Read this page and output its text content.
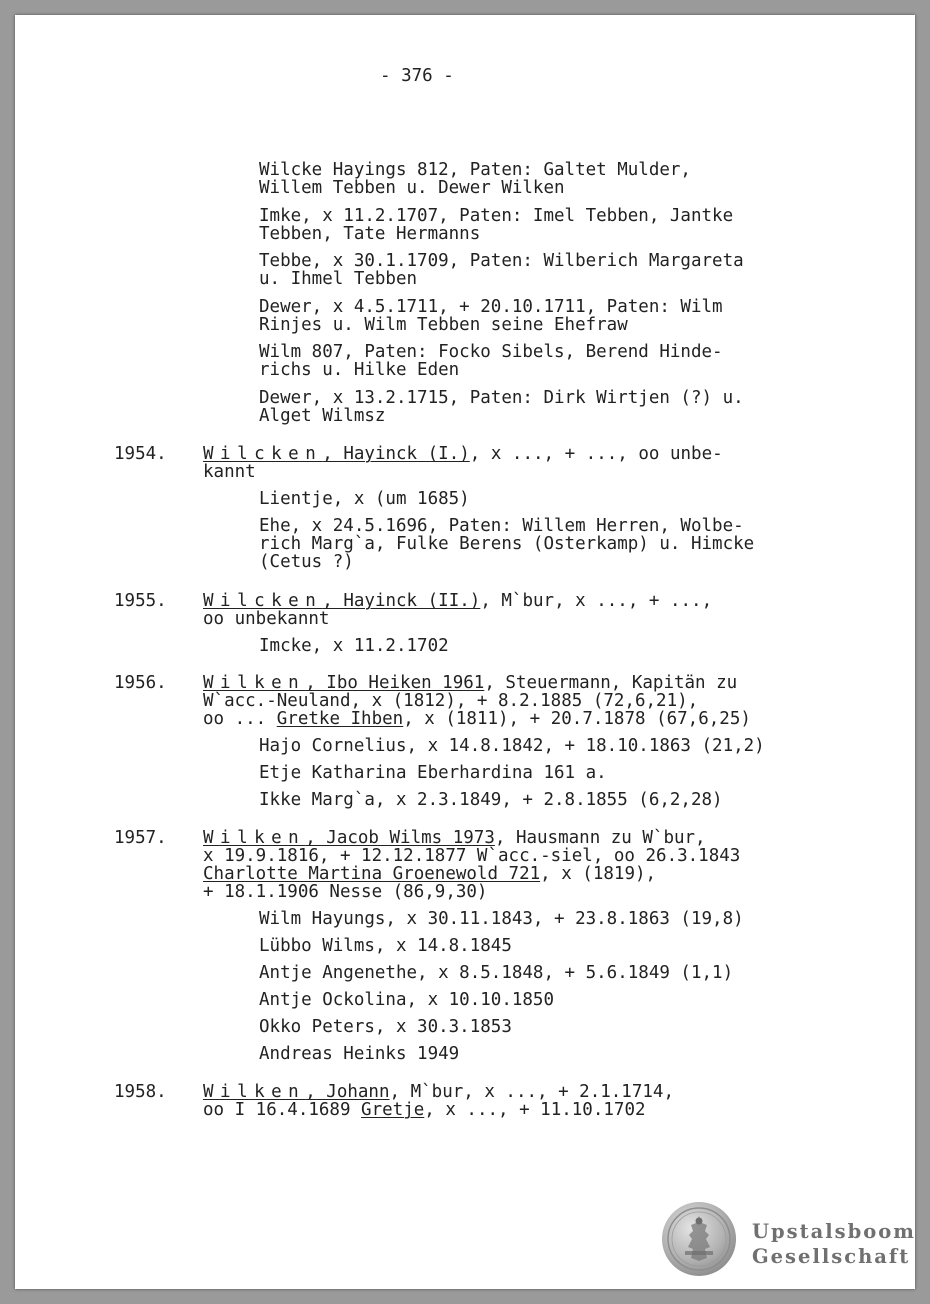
- 376 -
Wilcke Hayings 812, Paten: Galtet Mulder,
Willem Tebben u. Dewer Wilken
Imke, x 11.2.1707, Paten: Imel Tebben, Jantke
Tebben, Tate Hermanns
Tebbe, x 30.1.1709, Paten: Wilberich Margareta
u. Ihmel Tebben
Dewer, x 4.5.1711, + 20.10.1711, Paten: Wilm
Rinjes u. Wilm Tebben seine Ehefraw
Wilm 807, Paten: Focko Sibels, Berend Hinde-
richs u. Hilke Eden
Dewer, x 13.2.1715, Paten: Dirk Wirtjen (?) u.
Alget Wilmsz
1954. Wilcken, Hayinck (I.), x ..., + ..., oo unbe-
kannt
Lientje, x (um 1685)
Ehe, x 24.5.1696, Paten: Willem Herren, Wolbe-
rich Marg`a, Fulke Berens (Osterkamp) u. Himcke
(Cetus ?)
1955. Wilcken, Hayinck (II.), M`bur, x ..., + ...,
oo unbekannt
Imcke, x 11.2.1702
1956. Wilken, Ibo Heiken 1961, Steuermann, Kapitän zu
W`acc.-Neuland, x (1812), + 8.2.1885 (72,6,21),
oo ... Gretke Ihben, x (1811), + 20.7.1878 (67,6,25)
Hajo Cornelius, x 14.8.1842, + 18.10.1863 (21,2)
Etje Katharina Eberhardina 161 a.
Ikke Marg`a, x 2.3.1849, + 2.8.1855 (6,2,28)
1957. Wilken, Jacob Wilms 1973, Hausmann zu W`bur,
x 19.9.1816, + 12.12.1877 W`acc.-siel, oo 26.3.1843
Charlotte Martina Groenewold 721, x (1819),
+ 18.1.1906 Nesse (86,9,30)
Wilm Hayungs, x 30.11.1843, + 23.8.1863 (19,8)
Lübbo Wilms, x 14.8.1845
Antje Angenethe, x 8.5.1848, + 5.6.1849 (1,1)
Antje Ockolina, x 10.10.1850
Okko Peters, x 30.3.1853
Andreas Heinks 1949
1958. Wilken, Johann, M`bur, x ..., + 2.1.1714,
oo I 16.4.1689 Gretje, x ..., + 11.10.1702
Upstalsboom
Gesellschaft
